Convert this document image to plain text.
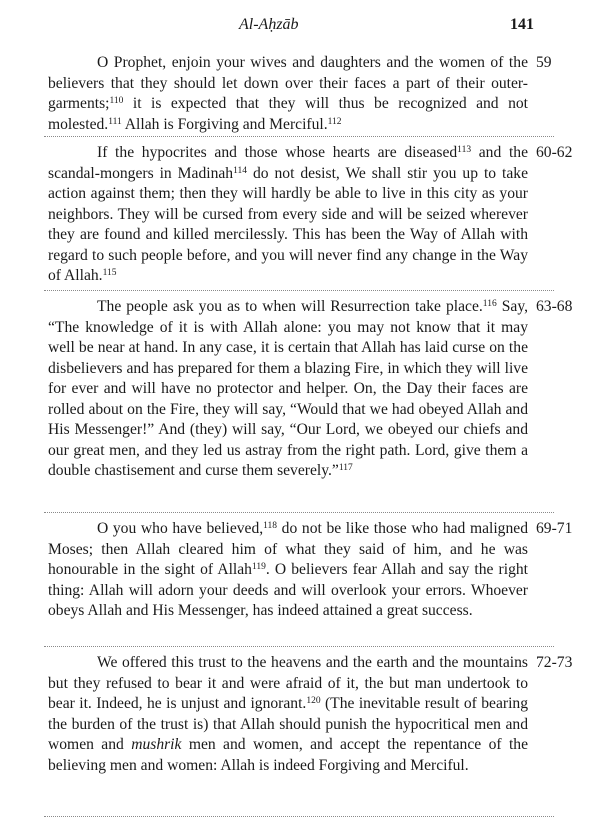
Al-Aḥzāb	141

O Prophet, enjoin your wives and daughters and the women of the believers that they should let down over their faces a part of their outer-garments;$^{110}$ it is expected that they will thus be recognized and not molested.$^{111}$ Allah is Forgiving and Merciful.$^{112}$

59

If the hypocrites and those whose hearts are diseased$^{113}$ and the scandal-mongers in Madinah$^{114}$ do not desist, We shall stir you up to take action against them; then they will hardly be able to live in this city as your neighbors. They will be cursed from every side and will be seized wherever they are found and killed mercilessly. This has been the Way of Allah with regard to such people before, and you will never find any change in the Way of Allah.$^{115}$

60-62

The people ask you as to when will Resurrection take place.$^{116}$ Say, “The knowledge of it is with Allah alone: you may not know that it may well be near at hand. In any case, it is certain that Allah has laid curse on the disbelievers and has prepared for them a blazing Fire, in which they will live for ever and will have no protector and helper. On, the Day their faces are rolled about on the Fire, they will say, “Would that we had obeyed Allah and His Messenger!” And (they) will say, “Our Lord, we obeyed our chiefs and our great men, and they led us astray from the right path. Lord, give them a double chastisement and curse them severely.”$^{117}$

63-68

O you who have believed,$^{118}$ do not be like those who had maligned Moses; then Allah cleared him of what they said of him, and he was honourable in the sight of Allah$^{119}$. O believers fear Allah and say the right thing: Allah will adorn your deeds and will overlook your errors. Whoever obeys Allah and His Messenger, has indeed attained a great success.

69-71

We offered this trust to the heavens and the earth and the mountains but they refused to bear it and were afraid of it, the but man undertook to bear it. Indeed, he is unjust and ignorant.$^{120}$ (The inevitable result of bearing the burden of the trust is) that Allah should punish the hypocritical men and women and mushrik men and women, and accept the repentance of the believing men and women: Allah is indeed Forgiving and Merciful.

72-73
